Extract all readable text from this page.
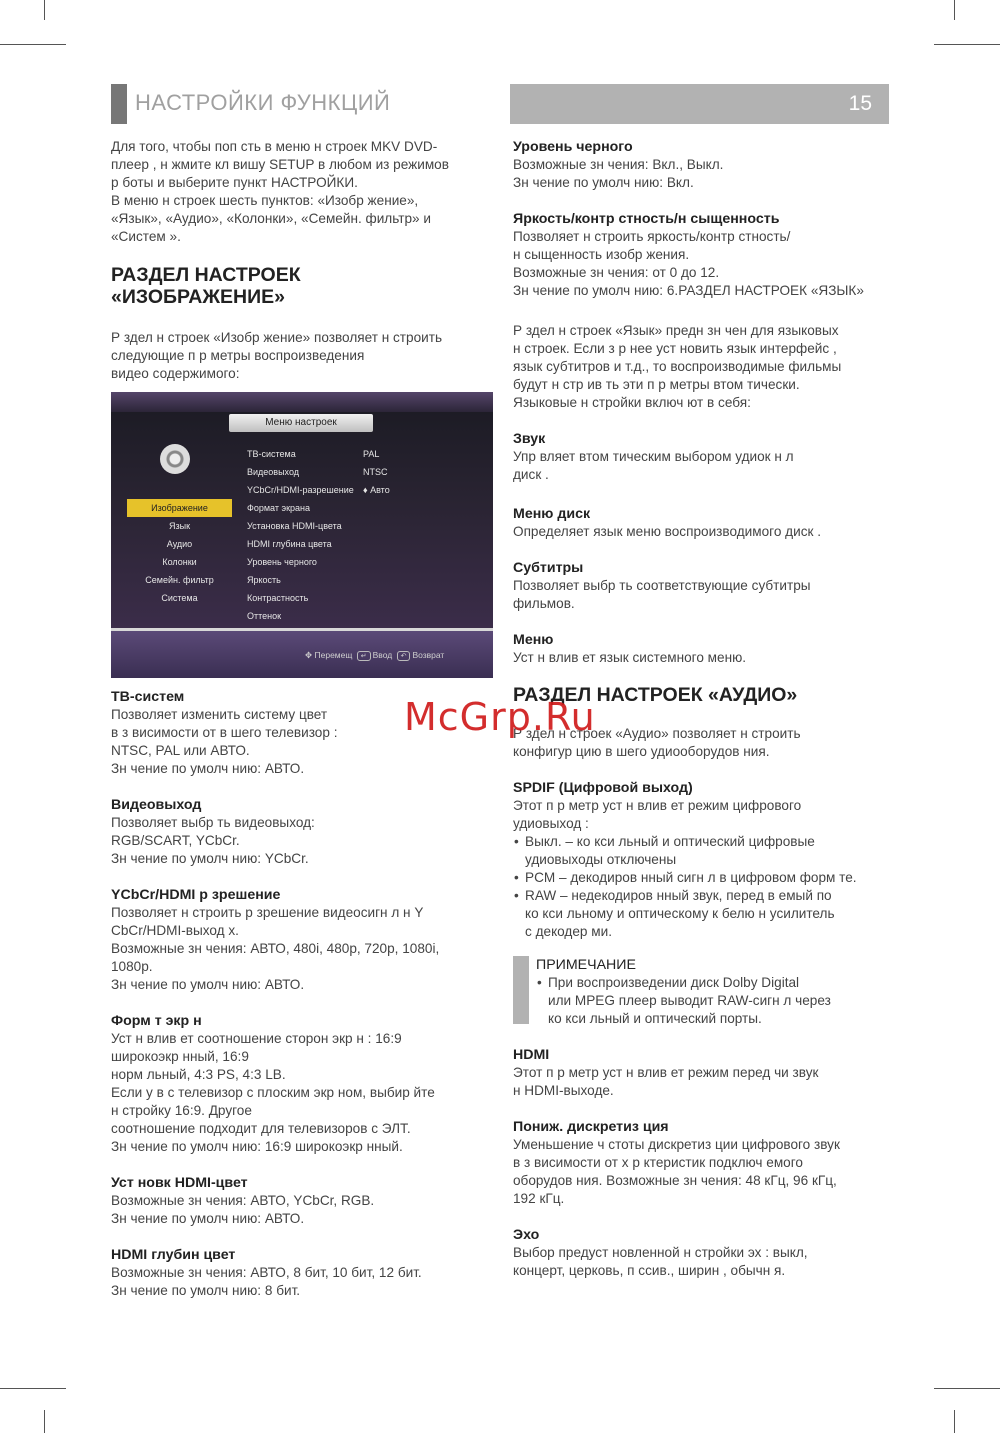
НАСТРОЙКИ ФУНКЦИЙ	15

Для того, чтобы поп сть в меню н строек MKV DVD-
плеер , н жмите кл вишу SETUP в любом из режимов
р боты и выберите пункт НАСТРОЙКИ.
В меню н строек шесть пунктов: «Изобр жение»,
«Язык», «Аудио», «Колонки», «Семейн. фильтр» и
«Систем ».

РАЗДЕЛ НАСТРОЕК
«ИЗОБРАЖЕНИЕ»

Р здел н строек «Изобр жение» позволяет н строить
следующие п р метры воспроизведения
видео содержимого:

Меню настроек
Изображение
Язык
Аудио
Колонки
Семейн. фильтр
Система
ТВ-система
Видеовыход
YCbCr/HDMI-разрешение
Формат экрана
Установка HDMI-цвета
HDMI глубина цвета
Уровень черного
Яркость
Контрастность
Оттенок
PAL
NTSC
♦ Авто
✥ Перемещ ↵ Ввод ↶ Возврат
ТВ-систем

Позволяет изменить систему цвет
в з висимости от в шего телевизор :
NTSC, PAL или АВТО.
Зн чение по умолч нию: АВТО.

Видеовыход

Позволяет выбр ть видеовыход:
RGB/SCART, YCbCr.
Зн чение по умолч нию: YCbCr.

YCbCr/HDMI р зрешение

Позволяет н строить р зрешение видеосигн л н Y
CbCr/HDMI-выход х.
Возможные зн чения: АВТО, 480i, 480p, 720p, 1080i,
1080p.
Зн чение по умолч нию: АВТО.

Форм т экр н

Уст н влив ет соотношение сторон экр н : 16:9
широкоэкр нный, 16:9
норм льный, 4:3 PS, 4:3 LB.
Если у в с телевизор с плоским экр ном, выбир йте
н стройку 16:9. Другое
соотношение подходит для телевизоров с ЭЛТ.
Зн чение по умолч нию: 16:9 широкоэкр нный.

Уст новк HDMI-цвет

Возможные зн чения: АВТО, YCbCr, RGB.
Зн чение по умолч нию: АВТО.

HDMI глубин цвет

Возможные зн чения: АВТО, 8 бит, 10 бит, 12 бит.
Зн чение по умолч нию: 8 бит.

Уровень черного

Возможные зн чения: Вкл., Выкл.
Зн чение по умолч нию: Вкл.

Яркость/контр стность/н сыщенность

Позволяет н строить яркость/контр стность/
н сыщенность изобр жения.
Возможные зн чения: от 0 до 12.
Зн чение по умолч нию: 6.РАЗДЕЛ НАСТРОЕК «ЯЗЫК»

Р здел н строек «Язык» предн зн чен для языковых
н строек. Если з р нее уст новить язык интерфейс ,
язык субтитров и т.д., то воспроизводимые фильмы
будут н стр ив ть эти п р метры втом тически.
Языковые н стройки включ ют в себя:

Звук

Упр вляет втом тическим выбором удиок н л
диск .

Меню диск

Определяет язык меню воспроизводимого диск .

Субтитры

Позволяет выбр ть соответствующие субтитры
фильмов.

Меню

Уст н влив ет язык системного меню.

РАЗДЕЛ НАСТРОЕК «АУДИО»

Р здел н строек «Аудио» позволяет н строить
конфигур цию в шего удиооборудов ния.

SPDIF (Цифровой выход)

Этот п р метр уст н влив ет режим цифрового
удиовыход :

• Выкл. – ко кси льный и оптический цифровые
удиовыходы отключены
• PCM – декодиров нный сигн л в цифровом форм те.
• RAW – недекодиров нный звук, перед в емый по
ко кси льному и оптическому к белю н усилитель
с декодер ми.
ПРИМЕЧАНИЕ
• При воспроизведении диск Dolby Digital
или MPEG плеер выводит RAW-сигн л через
ко кси льный и оптический порты.
HDMI

Этот п р метр уст н влив ет режим перед чи звук
н HDMI-выходе.

Пониж. дискретиз ция

Уменьшение ч стоты дискретиз ции цифрового звук
в з висимости от х р ктеристик подключ емого
оборудов ния. Возможные зн чения: 48 кГц, 96 кГц,
192 кГц.

Эхо

Выбор предуст новленной н стройки эх : выкл,
концерт, церковь, п ссив., ширин , обычн я.

McGrp.Ru
